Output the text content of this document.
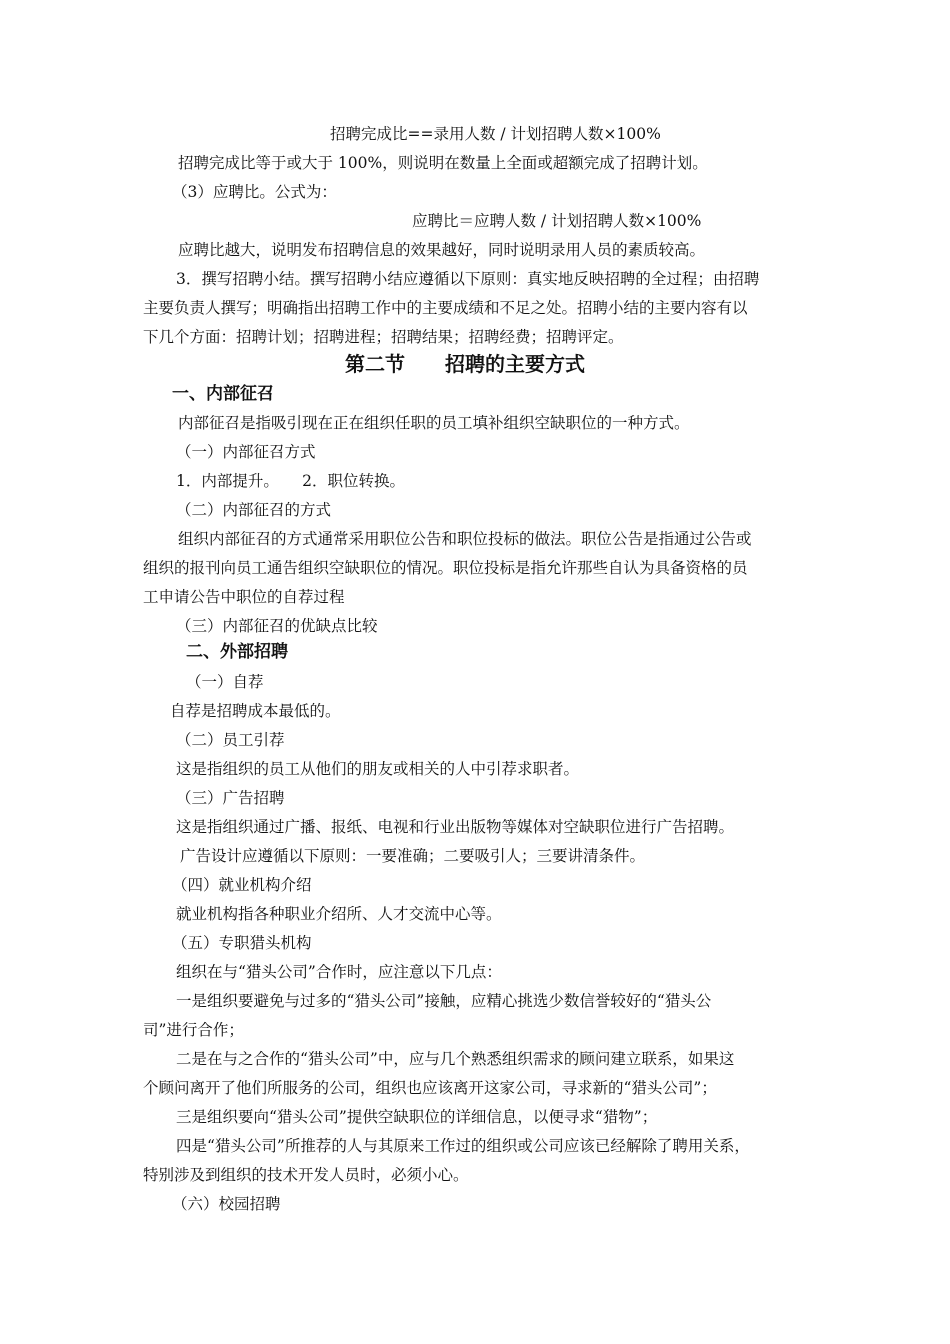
招聘完成比==录用人数 / 计划招聘人数×100%
招聘完成比等于或大于 100%，则说明在数量上全面或超额完成了招聘计划。
（3）应聘比。公式为：
应聘比＝应聘人数 / 计划招聘人数×100%
应聘比越大，说明发布招聘信息的效果越好，同时说明录用人员的素质较高。
3．撰写招聘小结。撰写招聘小结应遵循以下原则：真实地反映招聘的全过程；由招聘
主要负责人撰写；明确指出招聘工作中的主要成绩和不足之处。招聘小结的主要内容有以
下几个方面：招聘计划；招聘进程；招聘结果；招聘经费；招聘评定。
第二节　　招聘的主要方式
一、内部征召
内部征召是指吸引现在正在组织任职的员工填补组织空缺职位的一种方式。
（一）内部征召方式
1．内部提升。　　2．职位转换。
（二）内部征召的方式
组织内部征召的方式通常采用职位公告和职位投标的做法。职位公告是指通过公告或
组织的报刊向员工通告组织空缺职位的情况。职位投标是指允许那些自认为具备资格的员
工申请公告中职位的自荐过程
（三）内部征召的优缺点比较
二、外部招聘
（一）自荐
自荐是招聘成本最低的。
（二）员工引荐
这是指组织的员工从他们的朋友或相关的人中引荐求职者。
（三）广告招聘
这是指组织通过广播、报纸、电视和行业出版物等媒体对空缺职位进行广告招聘。
广告设计应遵循以下原则：一要准确；二要吸引人；三要讲清条件。
（四）就业机构介绍
就业机构指各种职业介绍所、人才交流中心等。
（五）专职猎头机构
组织在与“猎头公司”合作时，应注意以下几点：
一是组织要避免与过多的“猎头公司”接触，应精心挑选少数信誉较好的“猎头公
司”进行合作；
二是在与之合作的“猎头公司”中，应与几个熟悉组织需求的顾问建立联系，如果这
个顾问离开了他们所服务的公司，组织也应该离开这家公司，寻求新的“猎头公司”；
三是组织要向“猎头公司”提供空缺职位的详细信息，以便寻求“猎物”；
四是“猎头公司”所推荐的人与其原来工作过的组织或公司应该已经解除了聘用关系，
特别涉及到组织的技术开发人员时，必须小心。
（六）校园招聘
